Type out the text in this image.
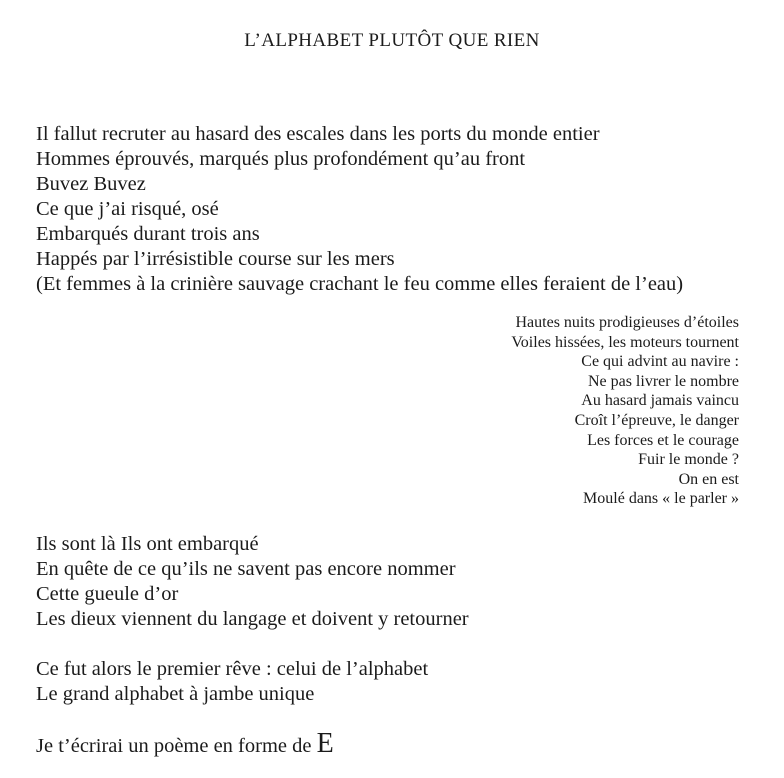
L’ALPHABET PLUTÔT QUE RIEN
Il fallut recruter au hasard des escales dans les ports du monde entier
Hommes éprouvés, marqués plus profondément qu’au front
Buvez Buvez
Ce que j’ai risqué, osé
Embarqués durant trois ans
Happés par l’irrésistible course sur les mers
(Et femmes à la crinière sauvage crachant le feu comme elles feraient de l’eau)
Hautes nuits prodigieuses d’étoiles
Voiles hissées, les moteurs tournent
Ce qui advint au navire :
Ne pas livrer le nombre
Au hasard jamais vaincu
Croît l’épreuve, le danger
Les forces et le courage
Fuir le monde ?
On en est
Moulé dans « le parler »
Ils sont là Ils ont embarqué
En quête de ce qu’ils ne savent pas encore nommer
Cette gueule d’or
Les dieux viennent du langage et doivent y retourner
Ce fut alors le premier rêve : celui de l’alphabet
Le grand alphabet à jambe unique
Je t’écrirai un poème en forme de E
